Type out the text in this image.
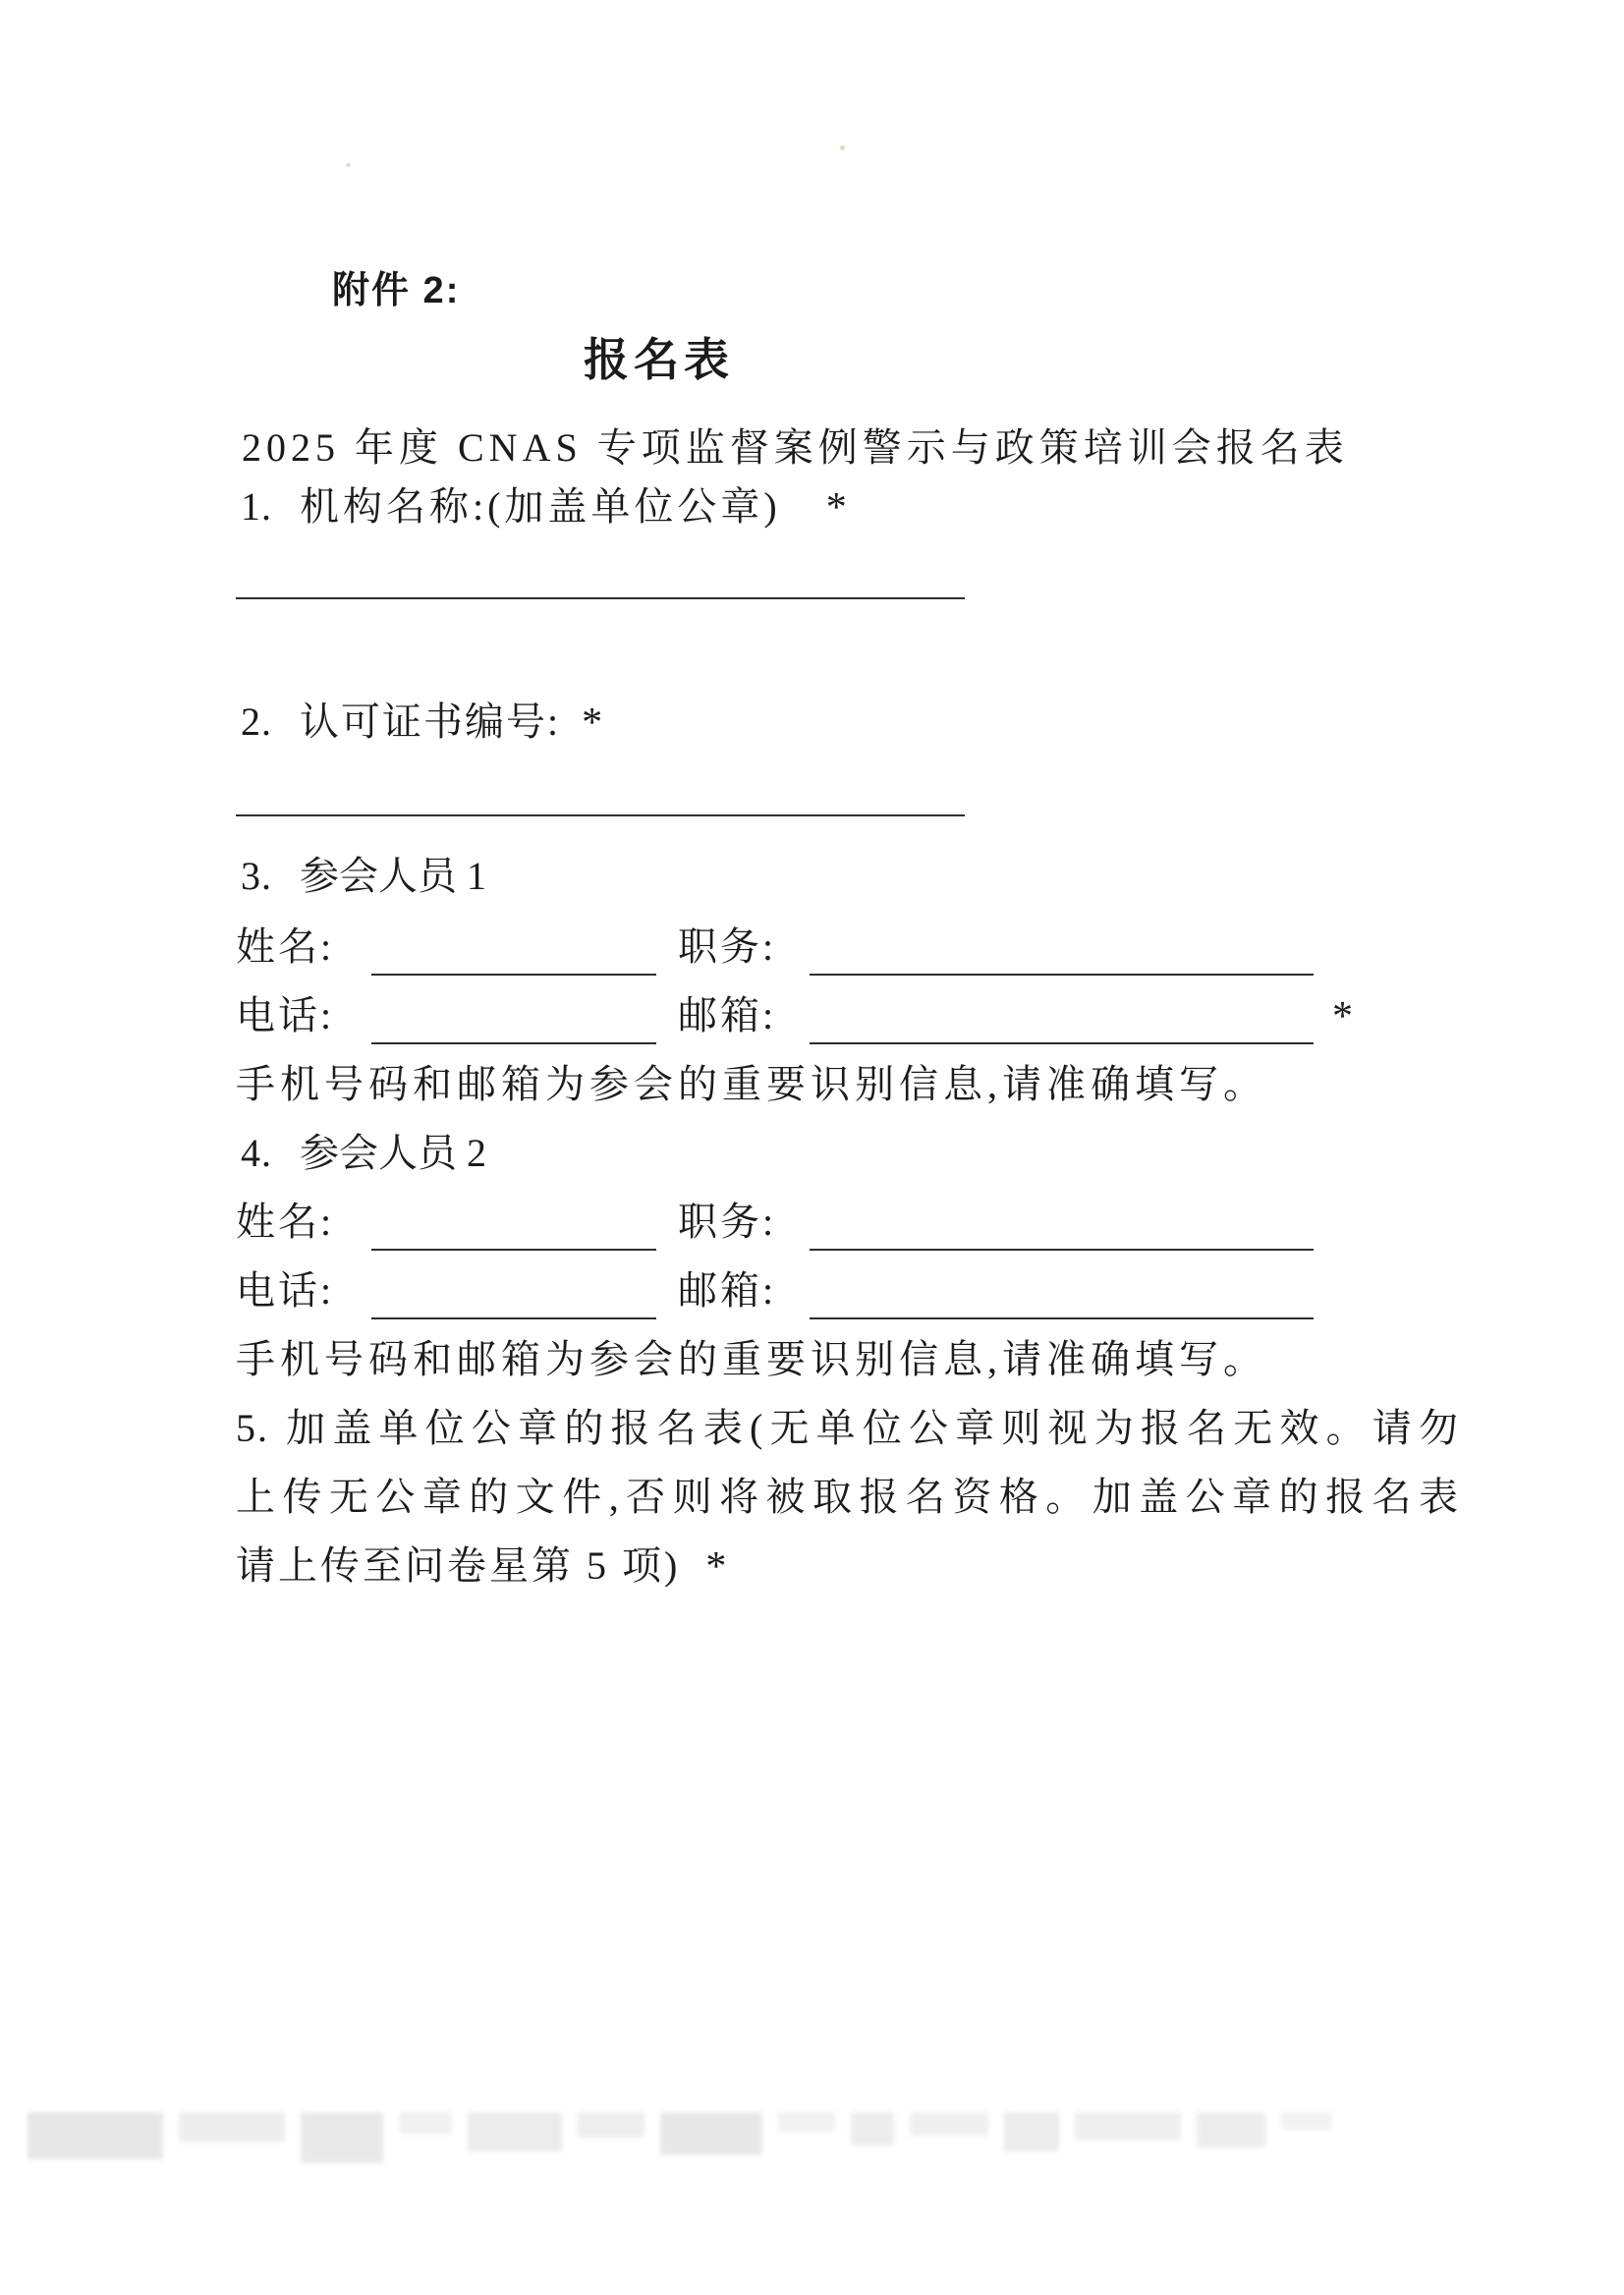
附件 2:
报名表
2025 年度 CNAS 专项监督案例警示与政策培训会报名表
1. 机构名称:(加盖单位公章) *
2. 认可证书编号: *
3. 参会人员 1
姓名:	职务:
电话:	邮箱:	*
手机号码和邮箱为参会的重要识别信息,请准确填写。
4. 参会人员 2
姓名:	职务:
电话:	邮箱:
手机号码和邮箱为参会的重要识别信息,请准确填写。
5. 加盖单位公章的报名表(无单位公章则视为报名无效。请勿
上传无公章的文件,否则将被取报名资格。加盖公章的报名表
请上传至问卷星第 5 项) *
